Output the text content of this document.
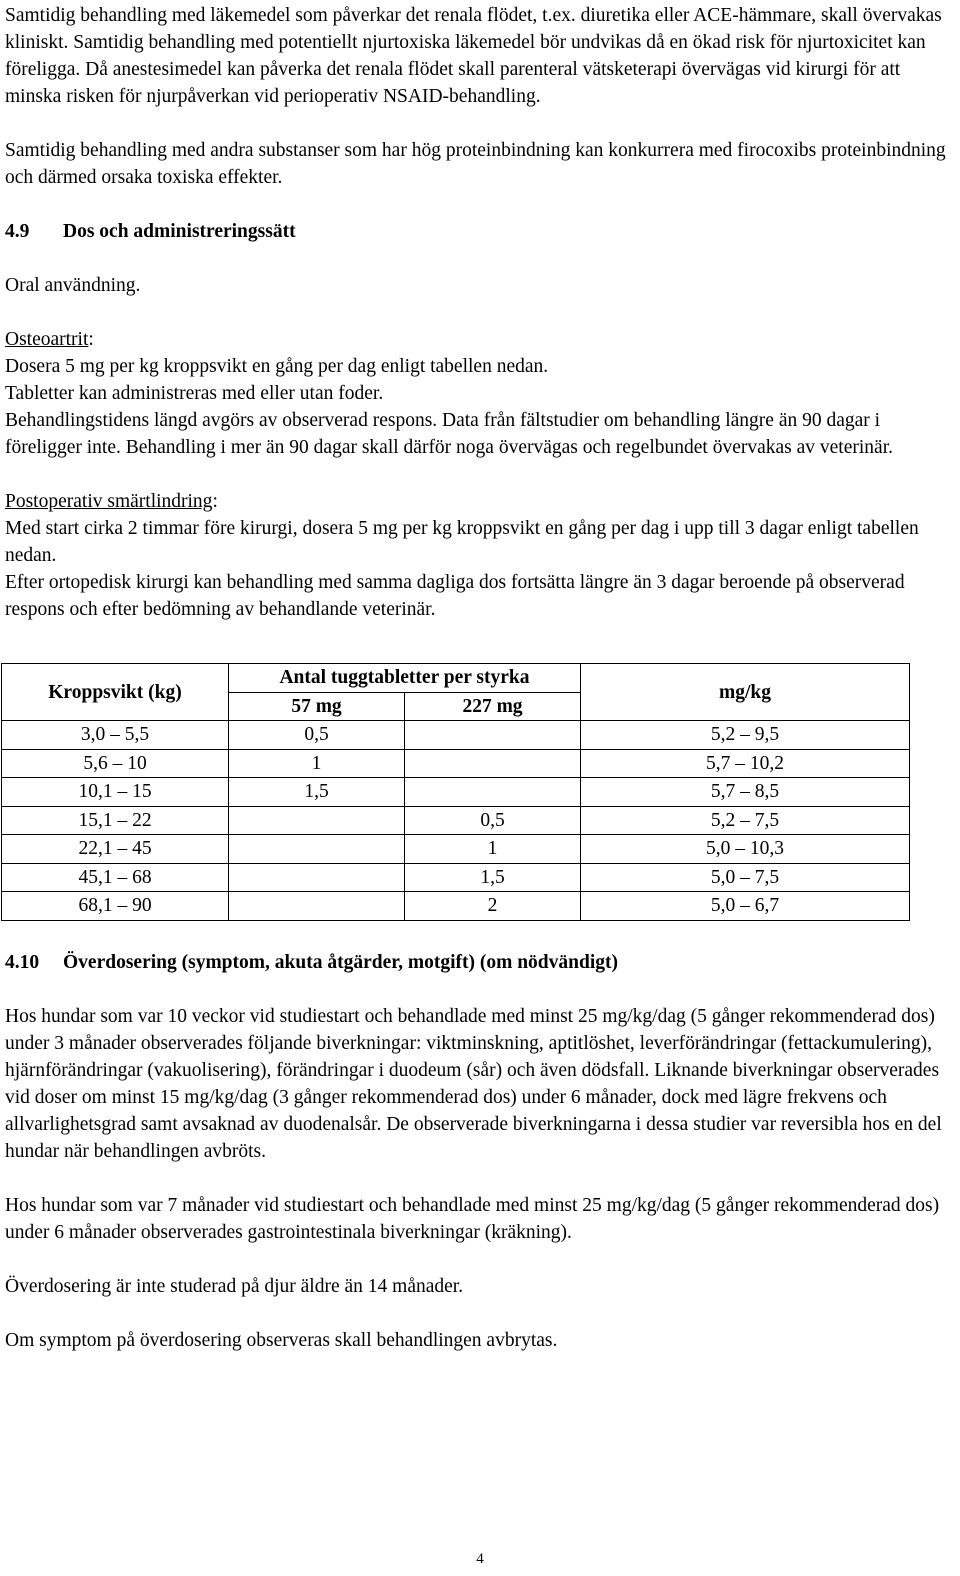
Samtidig behandling med läkemedel som påverkar det renala flödet, t.ex. diuretika eller ACE-hämmare, skall övervakas kliniskt. Samtidig behandling med potentiellt njurtoxiska läkemedel bör undvikas då en ökad risk för njurtoxicitet kan föreligga. Då anestesimedel kan påverka det renala flödet skall parenteral vätsketerapi övervägas vid kirurgi för att minska risken för njurpåverkan vid perioperativ NSAID-behandling.

Samtidig behandling med andra substanser som har hög proteinbindning kan konkurrera med firocoxibs proteinbindning och därmed orsaka toxiska effekter.

4.9 Dos och administreringssätt

Oral användning.

Osteoartrit:

Dosera 5 mg per kg kroppsvikt en gång per dag enligt tabellen nedan.

Tabletter kan administreras med eller utan foder.

Behandlingstidens längd avgörs av observerad respons. Data från fältstudier om behandling längre än 90 dagar i föreligger inte. Behandling i mer än 90 dagar skall därför noga övervägas och regelbundet övervakas av veterinär.

Postoperativ smärtlindring:

Med start cirka 2 timmar före kirurgi, dosera 5 mg per kg kroppsvikt en gång per dag i upp till 3 dagar enligt tabellen nedan.

Efter ortopedisk kirurgi kan behandling med samma dagliga dos fortsätta längre än 3 dagar beroende på observerad respons och efter bedömning av behandlande veterinär.

Kroppsvikt (kg)	Antal tuggtabletter per styrka		mg/kg
	57 mg	227 mg	
3,0 – 5,5	0,5		5,2 – 9,5
5,6 – 10	1		5,7 – 10,2
10,1 – 15	1,5		5,7 – 8,5
15,1 – 22		0,5	5,2 – 7,5
22,1 – 45		1	5,0 – 10,3
45,1 – 68		1,5	5,0 – 7,5
68,1 – 90		2	5,0 – 6,7

4.10 Överdosering (symptom, akuta åtgärder, motgift) (om nödvändigt)

Hos hundar som var 10 veckor vid studiestart och behandlade med minst 25 mg/kg/dag (5 gånger rekommenderad dos) under 3 månader observerades följande biverkningar: viktminskning, aptitlöshet, leverförändringar (fettackumulering), hjärnförändringar (vakuolisering), förändringar i duodeum (sår) och även dödsfall. Liknande biverkningar observerades vid doser om minst 15 mg/kg/dag (3 gånger rekommenderad dos) under 6 månader, dock med lägre frekvens och allvarlighetsgrad samt avsaknad av duodenalsår. De observerade biverkningarna i dessa studier var reversibla hos en del hundar när behandlingen avbröts.

Hos hundar som var 7 månader vid studiestart och behandlade med minst 25 mg/kg/dag (5 gånger rekommenderad dos) under 6 månader observerades gastrointestinala biverkningar (kräkning).

Överdosering är inte studerad på djur äldre än 14 månader.

Om symptom på överdosering observeras skall behandlingen avbrytas.

4
